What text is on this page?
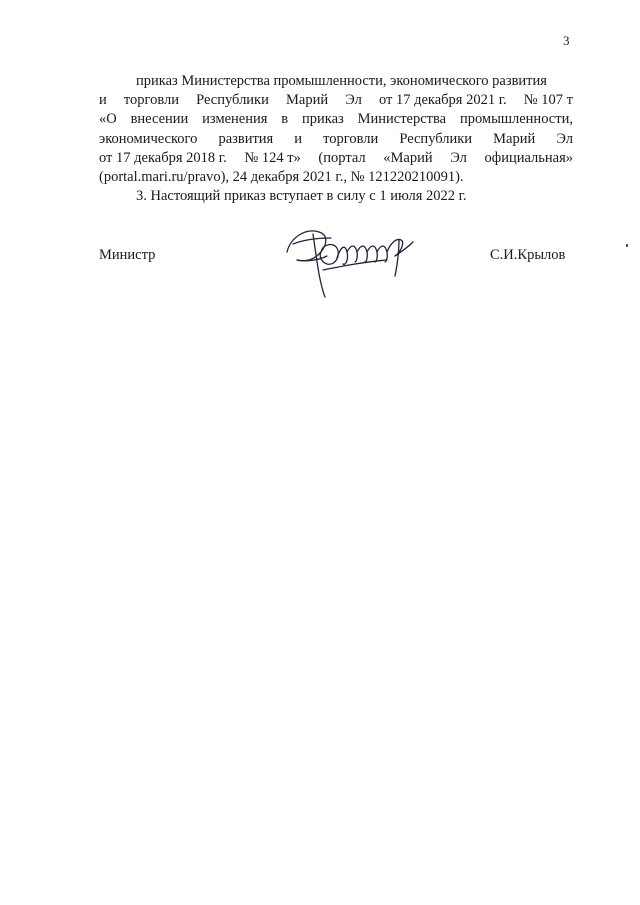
3
приказ Министерства промышленности, экономического развития
и торговли Республики Марий Эл от 17 декабря 2021 г. № 107 т
«О внесении изменения в приказ Министерства промышленности,
экономического развития и торговли Республики Марий Эл
от 17 декабря 2018 г. № 124 т» (портал «Марий Эл официальная»
(portal.mari.ru/pravo), 24 декабря 2021 г., № 121220210091).
3. Настоящий приказ вступает в силу с 1 июля 2022 г.
Министр	С.И.Крылов
